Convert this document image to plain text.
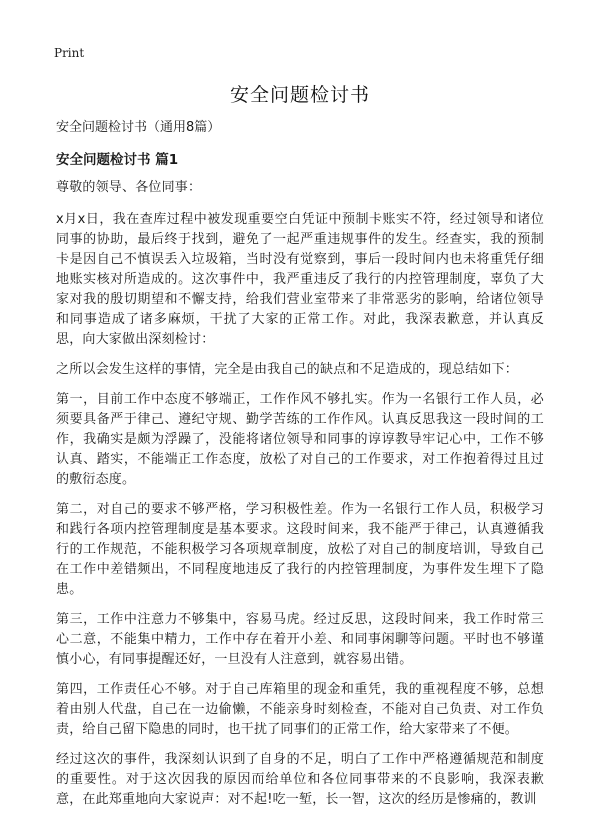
Print
安全问题检讨书

安全问题检讨书（通用8篇）

安全问题检讨书 篇1

尊敬的领导、各位同事：

x月x日，我在查库过程中被发现重要空白凭证中预制卡账实不符，经过领导和诸位同事的协助，最后终于找到，避免了一起严重违规事件的发生。经查实，我的预制卡是因自己不慎误丢入垃圾箱，当时没有觉察到，事后一段时间内也未将重凭仔细地账实核对所造成的。这次事件中，我严重违反了我行的内控管理制度，辜负了大家对我的殷切期望和不懈支持，给我们营业室带来了非常恶劣的影响，给诸位领导和同事造成了诸多麻烦，干扰了大家的正常工作。对此，我深表歉意，并认真反思，向大家做出深刻检讨：

之所以会发生这样的事情，完全是由我自己的缺点和不足造成的，现总结如下：

第一，目前工作中态度不够端正，工作作风不够扎实。作为一名银行工作人员，必须要具备严于律己、遵纪守规、勤学苦练的工作作风。认真反思我这一段时间的工作，我确实是颇为浮躁了，没能将诸位领导和同事的谆谆教导牢记心中，工作不够认真、踏实，不能端正工作态度，放松了对自己的工作要求，对工作抱着得过且过的敷衍态度。

第二，对自己的要求不够严格，学习积极性差。作为一名银行工作人员，积极学习和践行各项内控管理制度是基本要求。这段时间来，我不能严于律己，认真遵循我行的工作规范，不能积极学习各项规章制度，放松了对自己的制度培训，导致自己在工作中差错频出，不同程度地违反了我行的内控管理制度，为事件发生埋下了隐患。

第三，工作中注意力不够集中，容易马虎。经过反思，这段时间来，我工作时常三心二意，不能集中精力，工作中存在着开小差、和同事闲聊等问题。平时也不够谨慎小心，有同事提醒还好，一旦没有人注意到，就容易出错。

第四，工作责任心不够。对于自己库箱里的现金和重凭，我的重视程度不够，总想着由别人代盘，自己在一边偷懒，不能亲身时刻检查，不能对自己负责、对工作负责，给自己留下隐患的同时，也干扰了同事们的正常工作，给大家带来了不便。

经过这次的事件，我深刻认识到了自身的不足，明白了工作中严格遵循规范和制度的重要性。对于这次因我的原因而给单位和各位同事带来的不良影响，我深表歉意，在此郑重地向大家说声：对不起!吃一堑，长一智，这次的经历是惨痛的，教训
